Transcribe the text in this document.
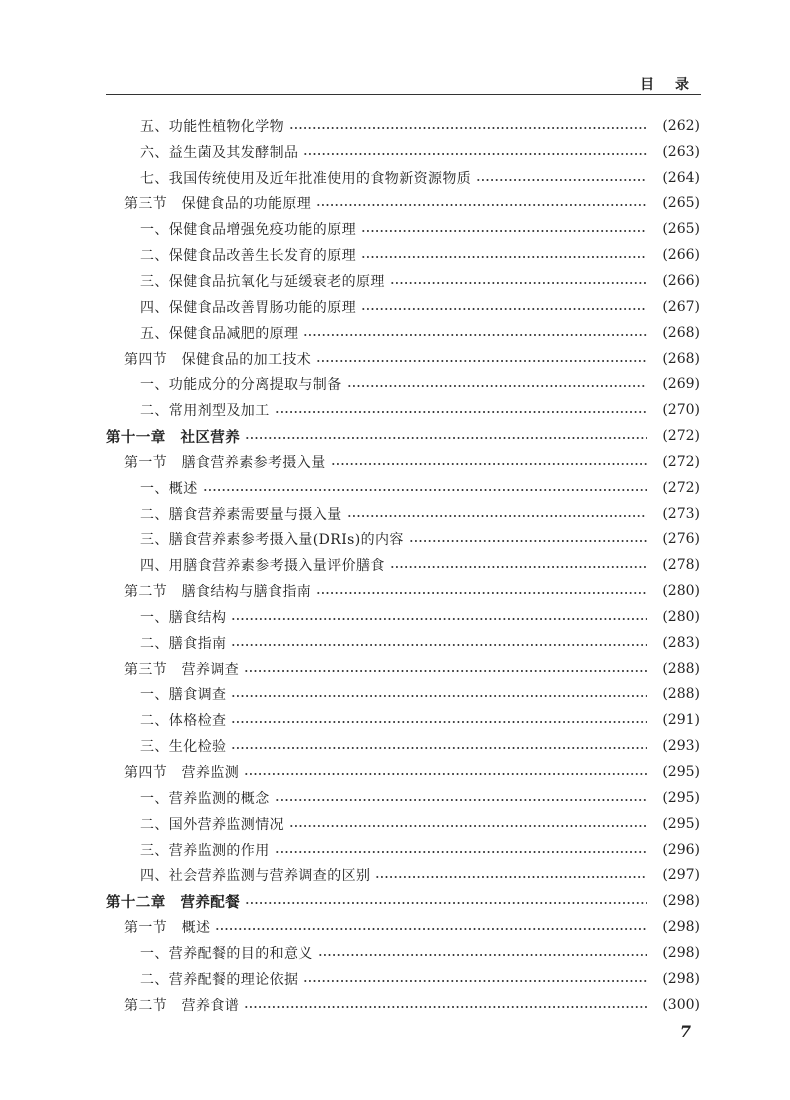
目 录
五、功能性植物化学物	(262)
六、益生菌及其发酵制品	(263)
七、我国传统使用及近年批准使用的食物新资源物质	(264)
第三节　保健食品的功能原理	(265)
一、保健食品增强免疫功能的原理	(265)
二、保健食品改善生长发育的原理	(266)
三、保健食品抗氧化与延缓衰老的原理	(266)
四、保健食品改善胃肠功能的原理	(267)
五、保健食品减肥的原理	(268)
第四节　保健食品的加工技术	(268)
一、功能成分的分离提取与制备	(269)
二、常用剂型及加工	(270)
第十一章　社区营养	(272)
第一节　膳食营养素参考摄入量	(272)
一、概述	(272)
二、膳食营养素需要量与摄入量	(273)
三、膳食营养素参考摄入量(DRIs)的内容	(276)
四、用膳食营养素参考摄入量评价膳食	(278)
第二节　膳食结构与膳食指南	(280)
一、膳食结构	(280)
二、膳食指南	(283)
第三节　营养调查	(288)
一、膳食调查	(288)
二、体格检查	(291)
三、生化检验	(293)
第四节　营养监测	(295)
一、营养监测的概念	(295)
二、国外营养监测情况	(295)
三、营养监测的作用	(296)
四、社会营养监测与营养调查的区别	(297)
第十二章　营养配餐	(298)
第一节　概述	(298)
一、营养配餐的目的和意义	(298)
二、营养配餐的理论依据	(298)
第二节　营养食谱	(300)
7
